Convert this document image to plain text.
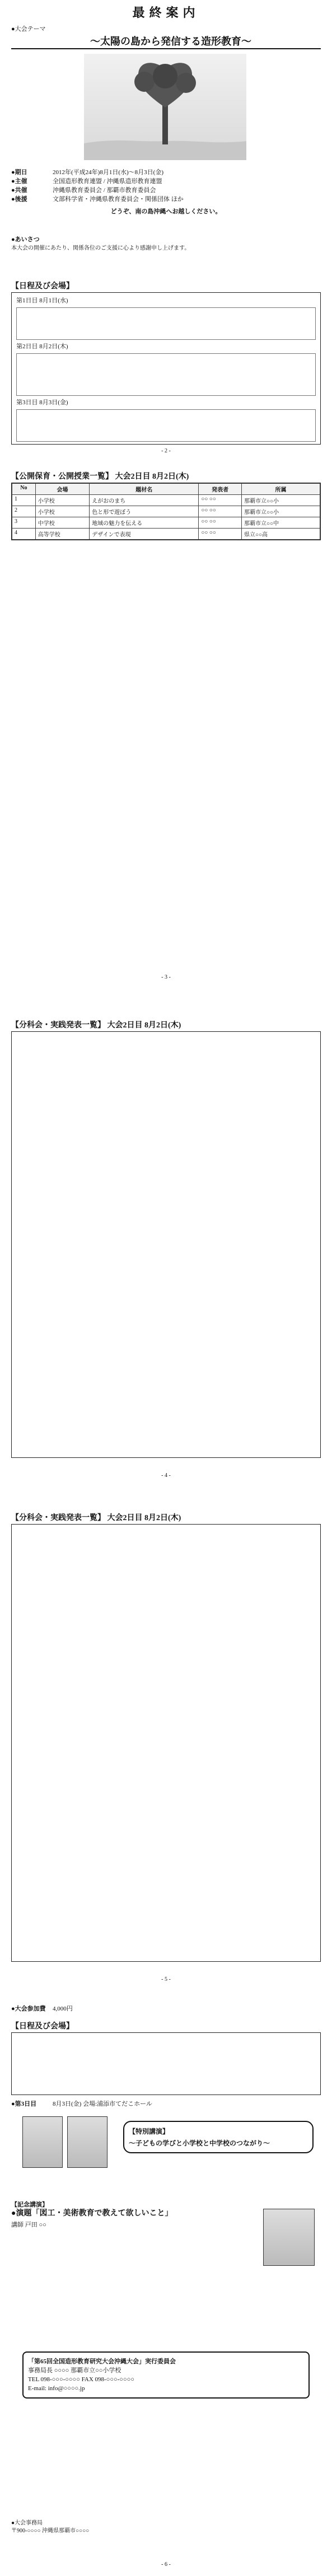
最終案内
●大会テーマ
〜太陽の島から発信する造形教育〜
●期日	2012年(平成24年)8月1日(水)〜8月3日(金)
●主催	全国造形教育連盟 / 沖縄県造形教育連盟
●共催	沖縄県教育委員会 / 那覇市教育委員会
●後援	文部科学省・沖縄県教育委員会・関係団体 ほか
どうぞ、南の島沖縄へお越しください。
●あいさつ
本大会の開催にあたり、関係各位のご支援に心より感謝申し上げます。
【日程及び会場】
第1日目 8月1日(水)
第2日目 8月2日(木)
第3日目 8月3日(金)
- 2 -
【公開保育・公開授業一覧】 大会2日目 8月2日(木)
No	会場	題材名	発表者	所属
1	小学校	えがおのまち	○○ ○○	那覇市立○○小
2	小学校	色と形で遊ぼう	○○ ○○	那覇市立○○小
3	中学校	地域の魅力を伝える	○○ ○○	那覇市立○○中
4	高等学校	デザインで表現	○○ ○○	県立○○高
- 3 -
【分科会・実践発表一覧】 大会2日目 8月2日(木)
- 4 -
【分科会・実践発表一覧】 大会2日目 8月2日(木)
- 5 -
●大会参加費	4,000円
【日程及び会場】
●第3日目	8月3日(金) 会場:浦添市てだこホール
【特別講演】
〜子どもの学びと小学校と中学校のつながり〜
【記念講演】
●演題「図工・美術教育で教えて欲しいこと」
講師 戸田 ○○
「第65回全国造形教育研究大会沖縄大会」実行委員会
事務局長 ○○○○ 那覇市立○○小学校
TEL 098-○○○-○○○○ FAX 098-○○○-○○○○
E-mail: info@○○○○.jp
●大会事務局
〒900-○○○○ 沖縄県那覇市○○○○
- 6 -
